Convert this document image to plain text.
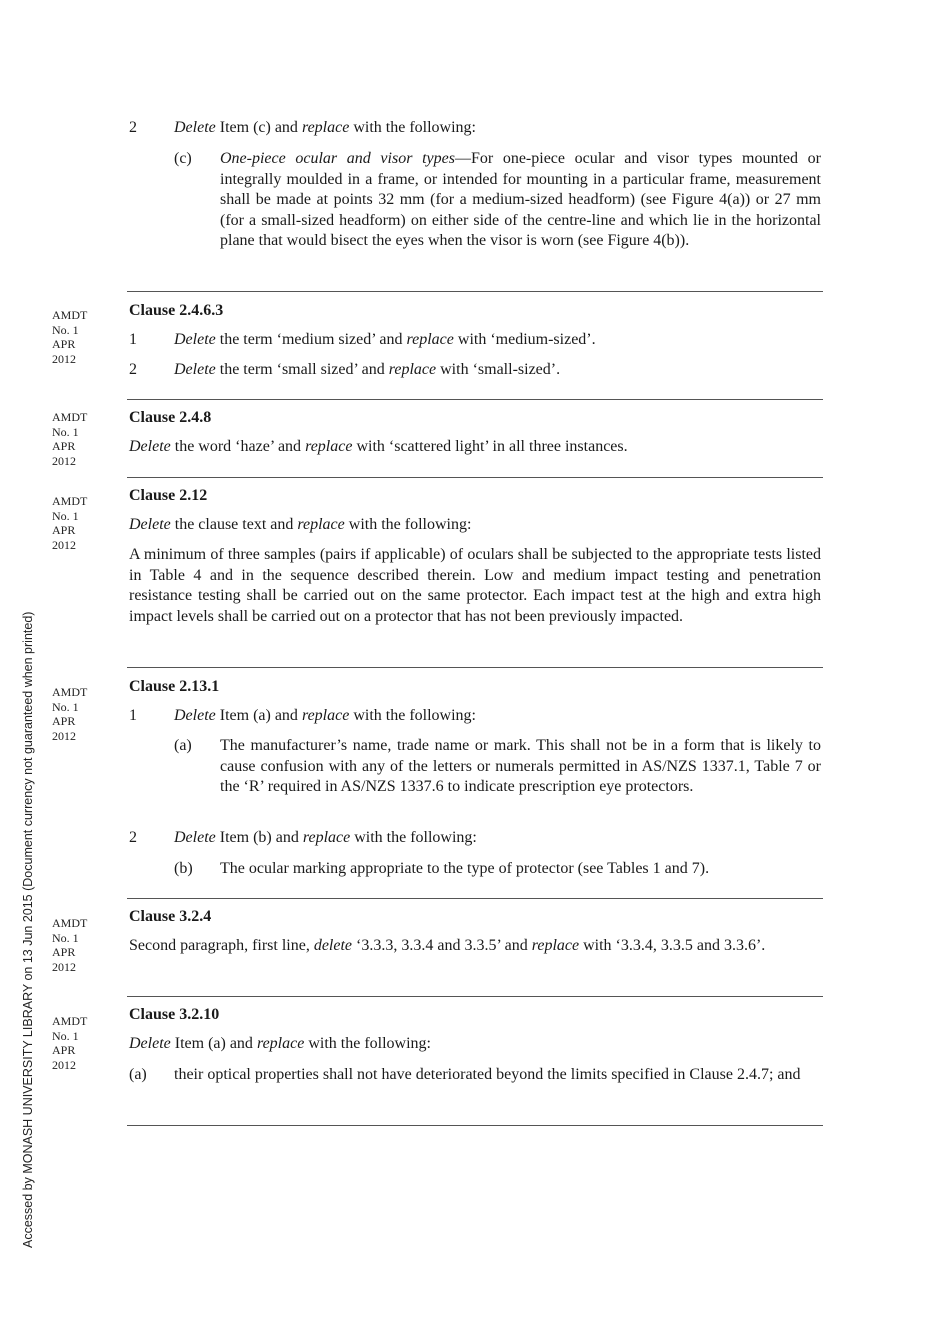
Accessed by MONASH UNIVERSITY LIBRARY on 13 Jun 2015 (Document currency not guaranteed when printed)
2 Delete Item (c) and replace with the following:
(c) One-piece ocular and visor types—For one-piece ocular and visor types mounted or integrally moulded in a frame, or intended for mounting in a particular frame, measurement shall be made at points 32 mm (for a medium-sized headform) (see Figure 4(a)) or 27 mm (for a small-sized headform) on either side of the centre-line and which lie in the horizontal plane that would bisect the eyes when the visor is worn (see Figure 4(b)).
AMDT
No. 1
APR
2012
Clause 2.4.6.3
1 Delete the term ‘medium sized’ and replace with ‘medium-sized’.
2 Delete the term ‘small sized’ and replace with ‘small-sized’.
AMDT
No. 1
APR
2012
Clause 2.4.8
Delete the word ‘haze’ and replace with ‘scattered light’ in all three instances.
AMDT
No. 1
APR
2012
Clause 2.12
Delete the clause text and replace with the following:
A minimum of three samples (pairs if applicable) of oculars shall be subjected to the appropriate tests listed in Table 4 and in the sequence described therein. Low and medium impact testing and penetration resistance testing shall be carried out on the same protector. Each impact test at the high and extra high impact levels shall be carried out on a protector that has not been previously impacted.
AMDT
No. 1
APR
2012
Clause 2.13.1
1 Delete Item (a) and replace with the following:
(a) The manufacturer’s name, trade name or mark. This shall not be in a form that is likely to cause confusion with any of the letters or numerals permitted in AS/NZS 1337.1, Table 7 or the ‘R’ required in AS/NZS 1337.6 to indicate prescription eye protectors.
2 Delete Item (b) and replace with the following:
(b) The ocular marking appropriate to the type of protector (see Tables 1 and 7).
AMDT
No. 1
APR
2012
Clause 3.2.4
Second paragraph, first line, delete ‘3.3.3, 3.3.4 and 3.3.5’ and replace with ‘3.3.4, 3.3.5 and 3.3.6’.
AMDT
No. 1
APR
2012
Clause 3.2.10
Delete Item (a) and replace with the following:
(a) their optical properties shall not have deteriorated beyond the limits specified in Clause 2.4.7; and
